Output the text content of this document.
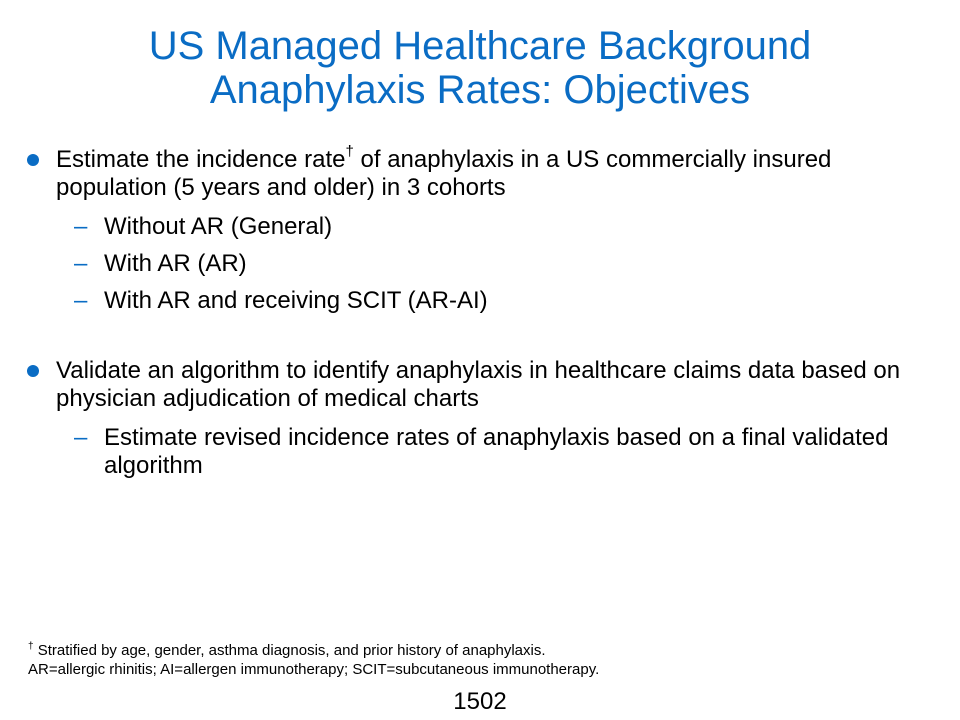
US Managed Healthcare Background
Anaphylaxis Rates: Objectives
Estimate the incidence rate† of anaphylaxis in a US commercially insured population (5 years and older) in 3 cohorts
– Without AR (General)
– With AR (AR)
– With AR and receiving SCIT (AR-AI)
Validate an algorithm to identify anaphylaxis in healthcare claims data based on physician adjudication of medical charts
– Estimate revised incidence rates of anaphylaxis based on a final validated algorithm
† Stratified by age, gender, asthma diagnosis, and prior history of anaphylaxis.
AR=allergic rhinitis; AI=allergen immunotherapy; SCIT=subcutaneous immunotherapy.
1502
